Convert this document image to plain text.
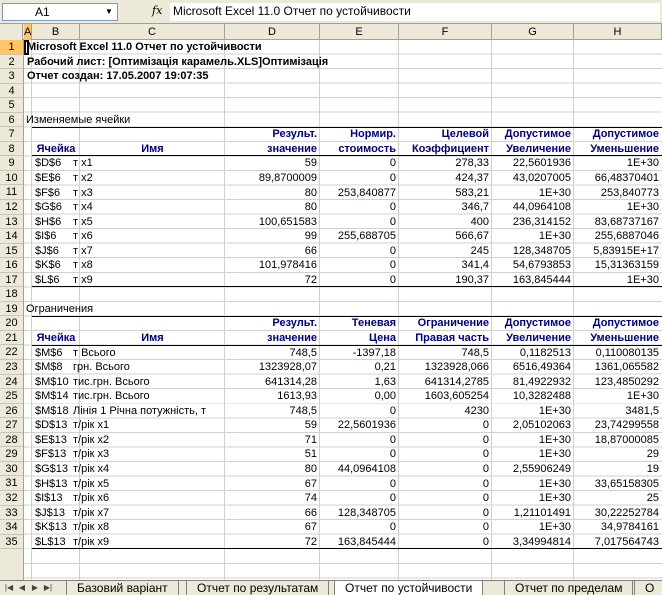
A1	▼	fx Microsoft Excel 11.0 Отчет по устойчивости
A	B	C	D	E	F	G	H
1
2
3
4
5
6
7
8
9
10
11
12
13
14
15
16
17
18
19
20
21
22
23
24
25
26
27
28
29
30
31
32
33
34
35
Microsoft Excel 11.0 Отчет по устойчивости
Рабочий лист: [Оптимізація карамель.XLS]Оптимізація
Отчет создан: 17.05.2007 19:07:35
Изменяемые ячейки
Результ.	Нормир.	Целевой	Допустимое	Допустимое
Ячейка	Имя	значение	стоимость	Коэффициент	Увеличение	Уменьшение
$D$6	т х1	59	0	278,33	22,5601936	1E+30
$E$6	т х2	89,8700009	0	424,37	43,0207005	66,48370401
$F$6	т х3	80	253,840877	583,21	1E+30	253,840773
$G$6	т х4	80	0	346,7	44,0964108	1E+30
$H$6	т х5	100,651583	0	400	236,314152	83,68737167
$I$6	т х6	99	255,688705	566,67	1E+30	255,6887046
$J$6	т х7	66	0	245	128,348705	5,83915E+17
$K$6	т х8	101,978416	0	341,4	54,6793853	15,31363159
$L$6	т х9	72	0	190,37	163,845444	1E+30
Ограничения
Результ.	Теневая	Ограничение	Допустимое	Допустимое
Ячейка	Имя	значение	Цена	Правая часть	Увеличение	Уменьшение
$M$6 т Всього	748,5	-1397,18	748,5	0,1182513	0,110080135
$M$8 грн. Всього	1323928,07	0,21	1323928,066	6516,49364	1361,065582
$M$10 тис.грн. Всього	641314,28	1,63	641314,2785	81,4922932	123,4850292
$M$14 тис.грн. Всього	1613,93	0,00	1603,605254	10,3282488	1E+30
$M$18 Лінія 1 Річна потужність, т	748,5	0	4230	1E+30	3481,5
$D$13 т/рік х1	59	22,5601936	0	2,05102063	23,74299558
$E$13 т/рік х2	71	0	0	1E+30	18,87000085
$F$13 т/рік х3	51	0	0	1E+30	29
$G$13 т/рік х4	80	44,0964108	0	2,55906249	19
$H$13 т/рік х5	67	0	0	1E+30	33,65158305
$I$13 т/рік х6	74	0	0	1E+30	25
$J$13 т/рік х7	66	128,348705	0	1,21101491	30,22252784
$K$13 т/рік х8	67	0	0	1E+30	34,9784161
$L$13 т/рік х9	72	163,845444	0	3,34994814	7,017564743
|◀ ◀ ▶ ▶|	Базовий варіант	Отчет по результатам	Отчет по устойчивости	Отчет по пределам	О
